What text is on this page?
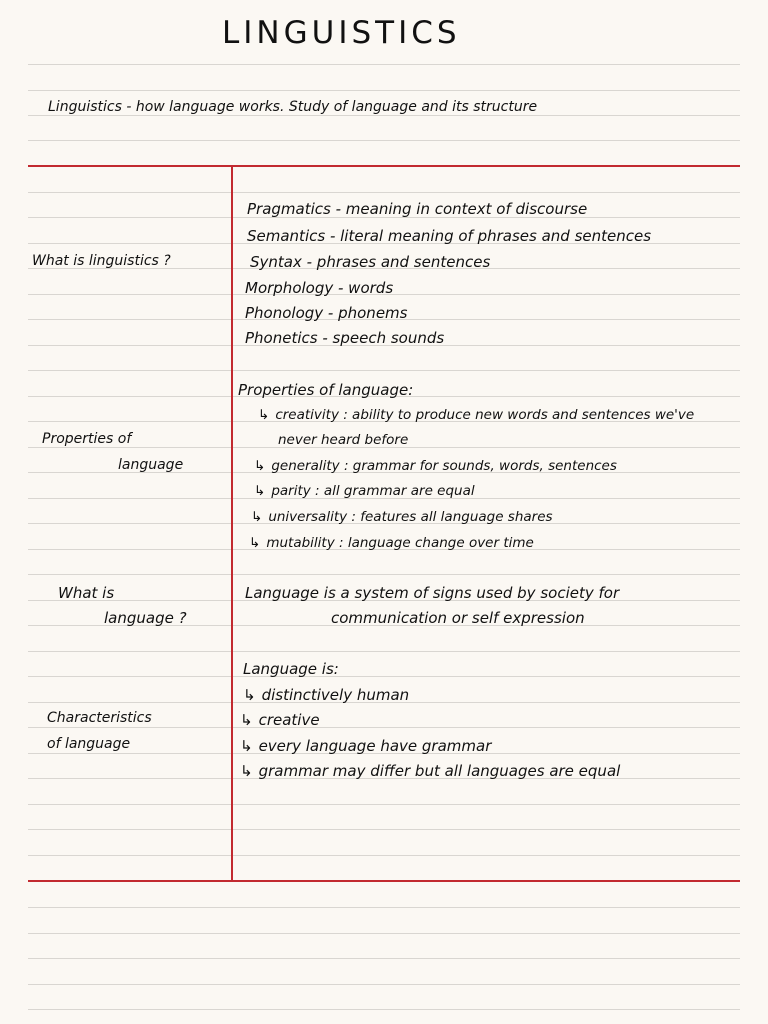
LINGUISTICS
Linguistics - how language works. Study of language and its structure
What is linguistics ?
Pragmatics - meaning in context of discourse
Semantics - literal meaning of phrases and sentences
Syntax - phrases and sentences
Morphology - words
Phonology - phonems
Phonetics - speech sounds
Properties of
language
Properties of language:
↳ creativity : ability to produce new words and sentences we've
never heard before
↳ generality : grammar for sounds, words, sentences
↳ parity : all grammar are equal
↳ universality : features all language shares
↳ mutability : language change over time
What is
language ?
Language is a system of signs used by society for
communication or self expression
Characteristics
of language
Language is:
↳ distinctively human
↳ creative
↳ every language have grammar
↳ grammar may differ but all languages are equal
